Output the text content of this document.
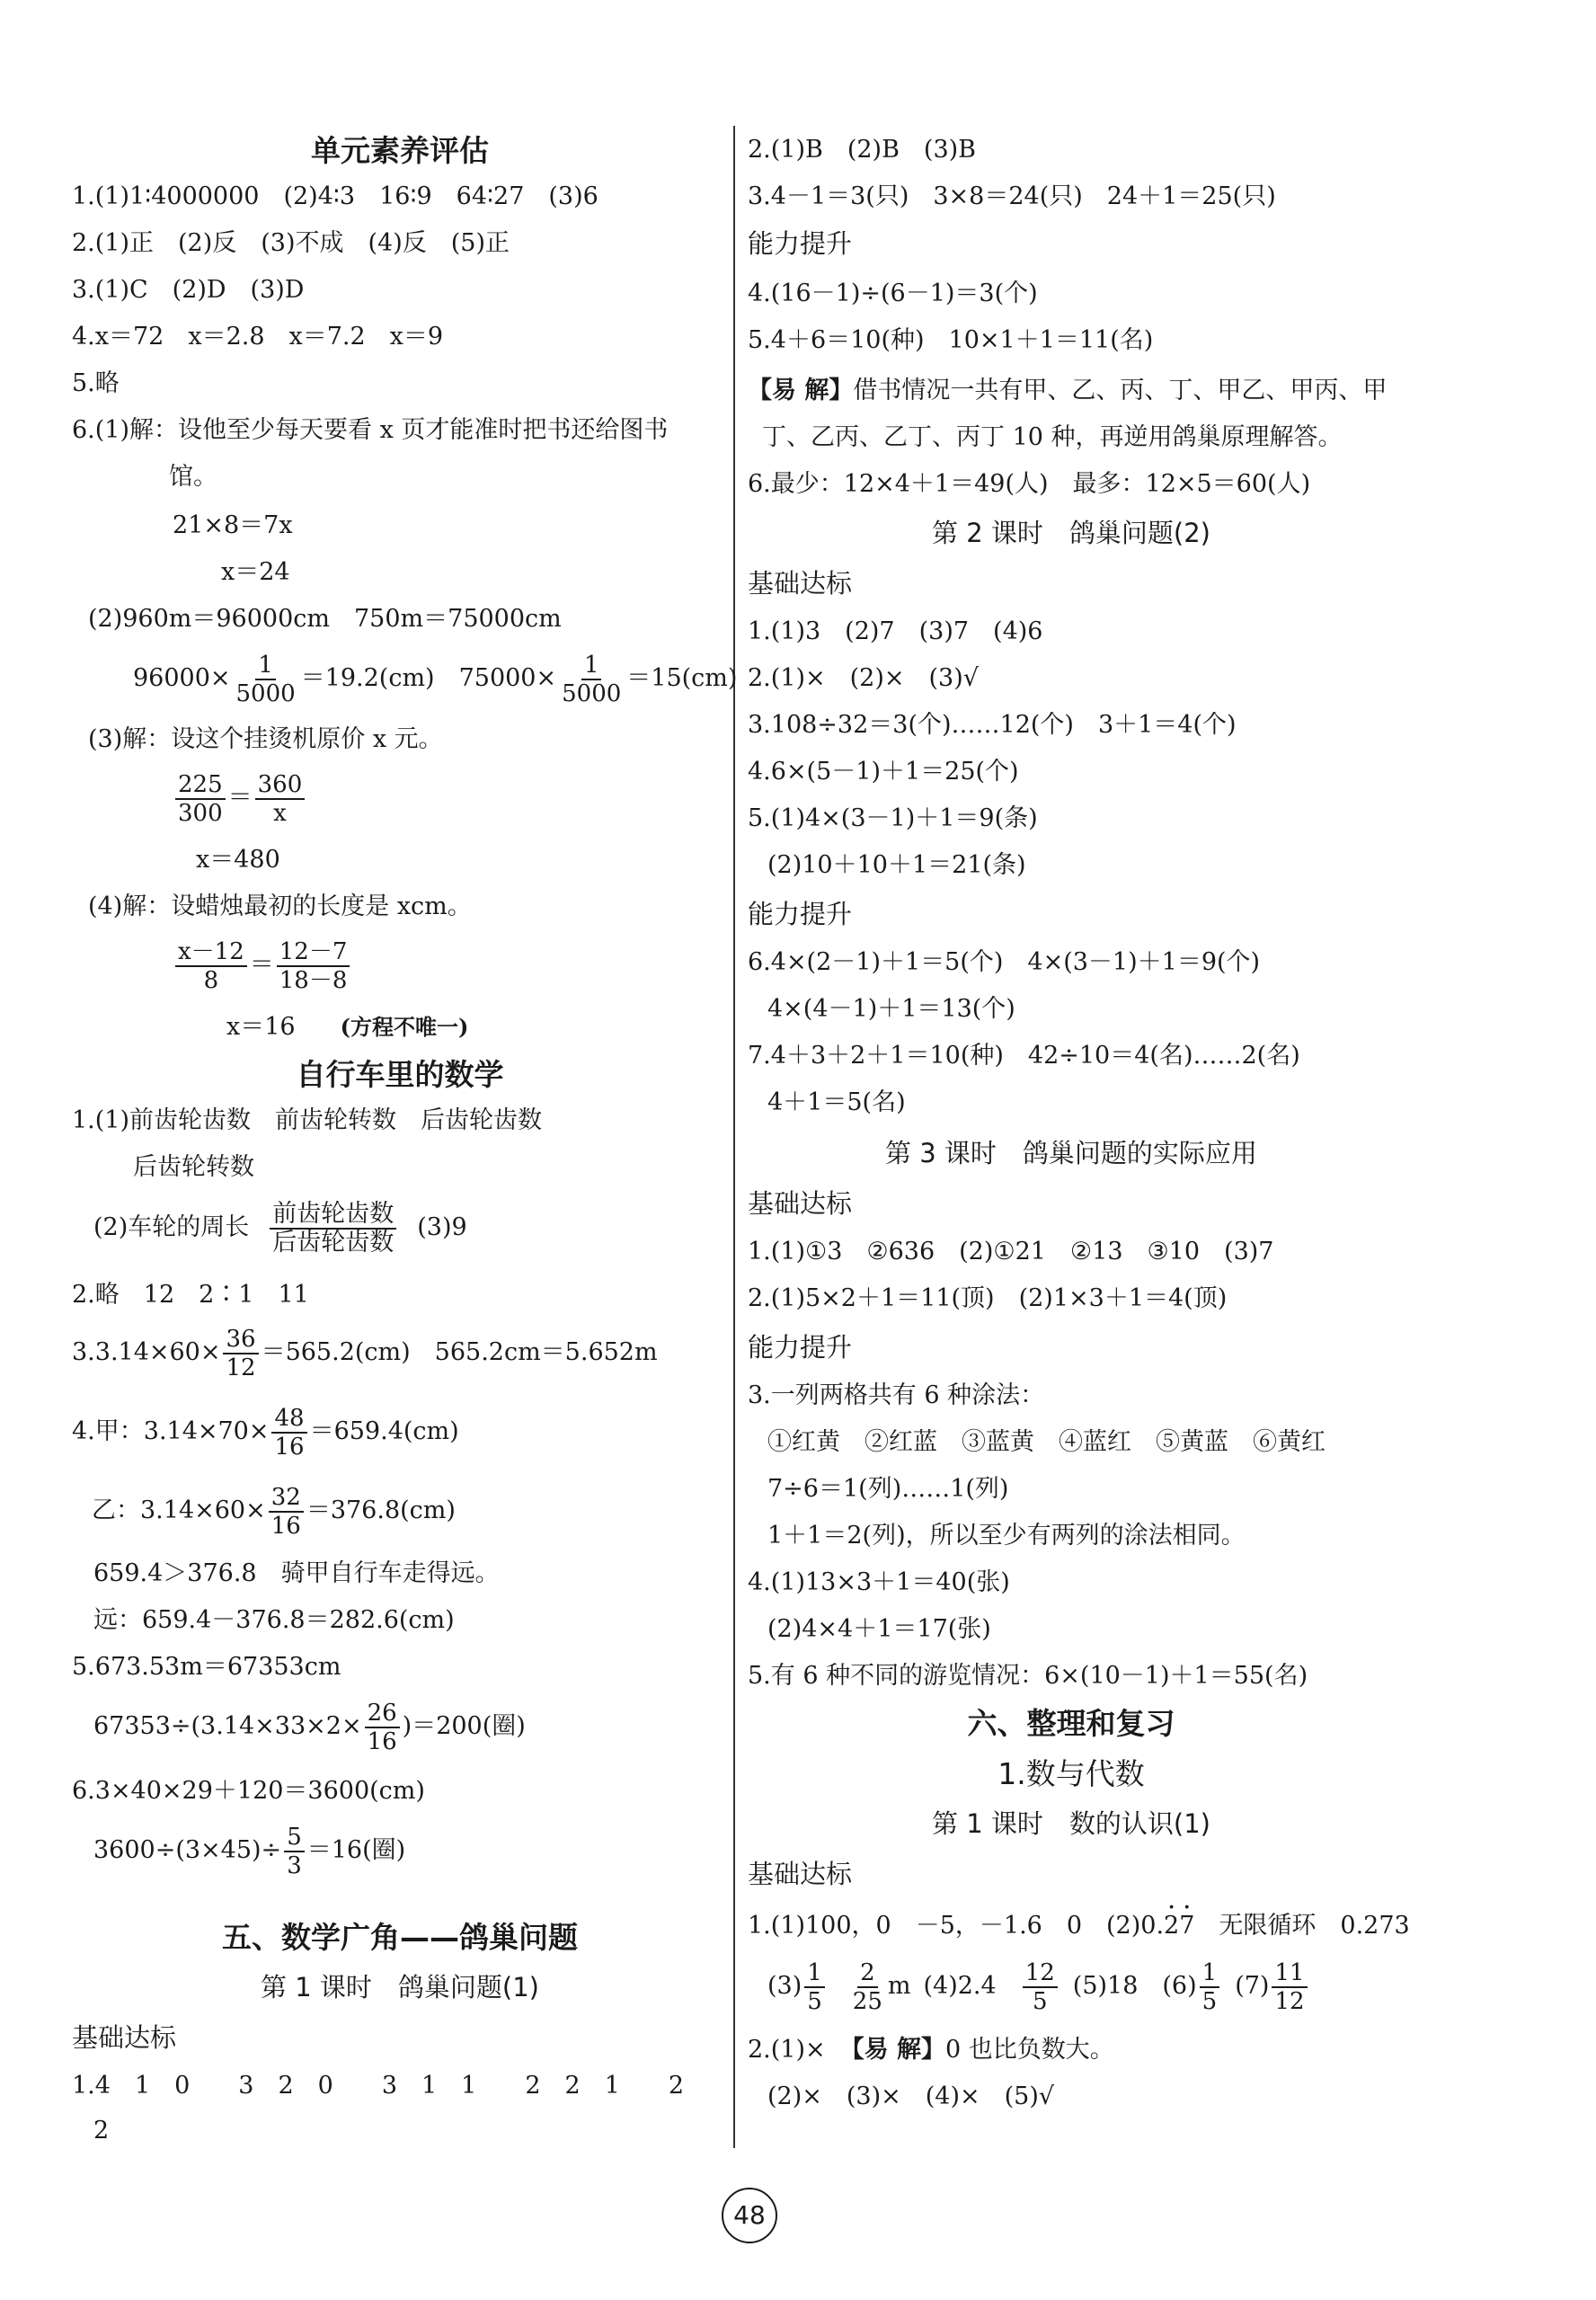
单元素养评估
1.(1)1∶4000000　(2)4∶3　16∶9　64∶27　(3)6
2.(1)正　(2)反　(3)不成　(4)反　(5)正
3.(1)C　(2)D　(3)D
4.x＝72　x＝2.8　x＝7.2　x＝9
5.略
6.(1)解：设他至少每天要看 x 页才能准时把书还给图书
馆。
21×8＝7x
x＝24
(2)960m＝96000cm　750m＝75000cm
$96000\times \frac{1}{5000} =19.2(cm)$　$75000\times \frac{1}{5000} =15(cm)$
(3)解：设这个挂烫机原价 x 元。
$\frac{225}{300} = \frac{360}{x}$
x＝480
(4)解：设蜡烛最初的长度是 xcm。
$\frac{x-12}{8} = \frac{12-7}{18-8}$
x＝16 (方程不唯一)
自行车里的数学
1.(1)前齿轮齿数　前齿轮转数　后齿轮齿数
后齿轮转数
(2)车轮的周长 $\frac{\text{前齿轮齿数}}{\text{后齿轮齿数}} (3)9$
2.略　12　2∶1　11
$3.3.14\times 60\times \frac{36}{12} =565.2(cm)$　565.2cm＝5.652m
4.甲：$3.14\times 70\times \frac{48}{16} =659.4(cm)$
乙：$3.14\times 60\times \frac{32}{16} =376.8(cm)$
659.4＞376.8　骑甲自行车走得远。
远：659.4－376.8＝282.6(cm)
5.673.53m＝67353cm
$67353\div(3.14\times 33\times 2\times \frac{26}{16} )=200$(圈)
6.3×40×29＋120＝3600(cm)
$3600\div(3\times 45)\div \frac{5}{3} =16$(圈)
五、数学广角——鸽巢问题
第 1 课时　鸽巢问题(1)
基础达标
1.4　1　0　　3　2　0　　3　1　1　　2　2　1　　2
2
2.(1)B　(2)B　(3)B
3.4－1＝3(只)　3×8＝24(只)　24＋1＝25(只)
能力提升
4.(16－1)÷(6－1)＝3(个)
5.4＋6＝10(种)　10×1＋1＝11(名)
【易 解】借书情况一共有甲、乙、丙、丁、甲乙、甲丙、甲
丁、乙丙、乙丁、丙丁 10 种，再逆用鸽巢原理解答。
6.最少：12×4＋1＝49(人)　最多：12×5＝60(人)
第 2 课时　鸽巢问题(2)
基础达标
1.(1)3　(2)7　(3)7　(4)6
2.(1)×　(2)×　(3)√
3.108÷32＝3(个)……12(个)　3＋1＝4(个)
4.6×(5－1)＋1＝25(个)
5.(1)4×(3－1)＋1＝9(条)
(2)10＋10＋1＝21(条)
能力提升
6.4×(2－1)＋1＝5(个)　4×(3－1)＋1＝9(个)
4×(4－1)＋1＝13(个)
7.4＋3＋2＋1＝10(种)　42÷10＝4(名)……2(名)
4＋1＝5(名)
第 3 课时　鸽巢问题的实际应用
基础达标
1.(1)①3　②636　(2)①21　②13　③10　(3)7
2.(1)5×2＋1＝11(顶)　(2)1×3＋1＝4(顶)
能力提升
3.一列两格共有 6 种涂法：
①红黄　②红蓝　③蓝黄　④蓝红　⑤黄蓝　⑥黄红
7÷6＝1(列)……1(列)
1＋1＝2(列)，所以至少有两列的涂法相同。
4.(1)13×3＋1＝40(张)
(2)4×4＋1＝17(张)
5.有 6 种不同的游览情况：6×(10－1)＋1＝55(名)
六、整理和复习
1.数与代数
第 1 课时　数的认识(1)
基础达标
1.(1)100，0　－5，－1.6　0　(2)0.· 2· 7　无限循环　0.273
$(3) \frac{1}{5} \frac{2}{25}$ m $(4)2.4 \frac{12}{5} (5)18$　$(6) \frac{1}{5} (7) \frac{11}{12}$
2.(1)× 【易 解】0 也比负数大。
(2)×　(3)×　(4)×　(5)√
48
